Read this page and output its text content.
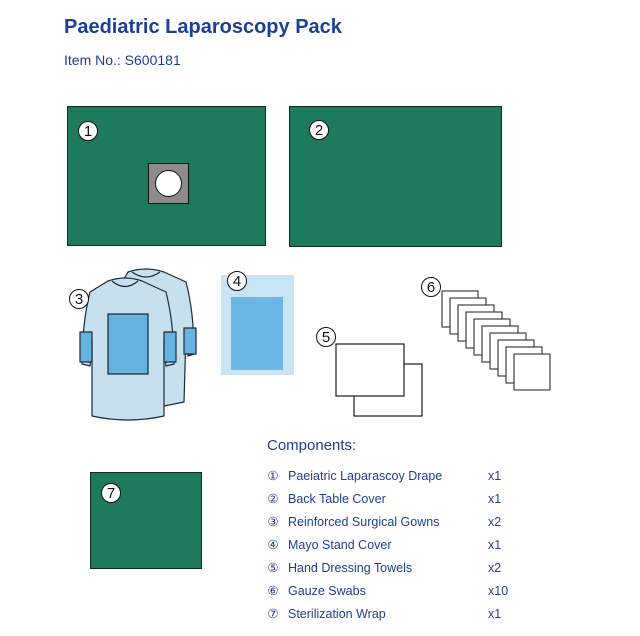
Paediatric Laparoscopy Pack
Item No.: S600181
1	2
3
4
5
6
7
Components:
① Paeiatric Laparascoy Drape	x1
② Back Table Cover	x1
③ Reinforced Surgical Gowns	x2
④ Mayo Stand Cover	x1
⑤ Hand Dressing Towels	x2
⑥ Gauze Swabs	x10
⑦ Sterilization Wrap	x1
